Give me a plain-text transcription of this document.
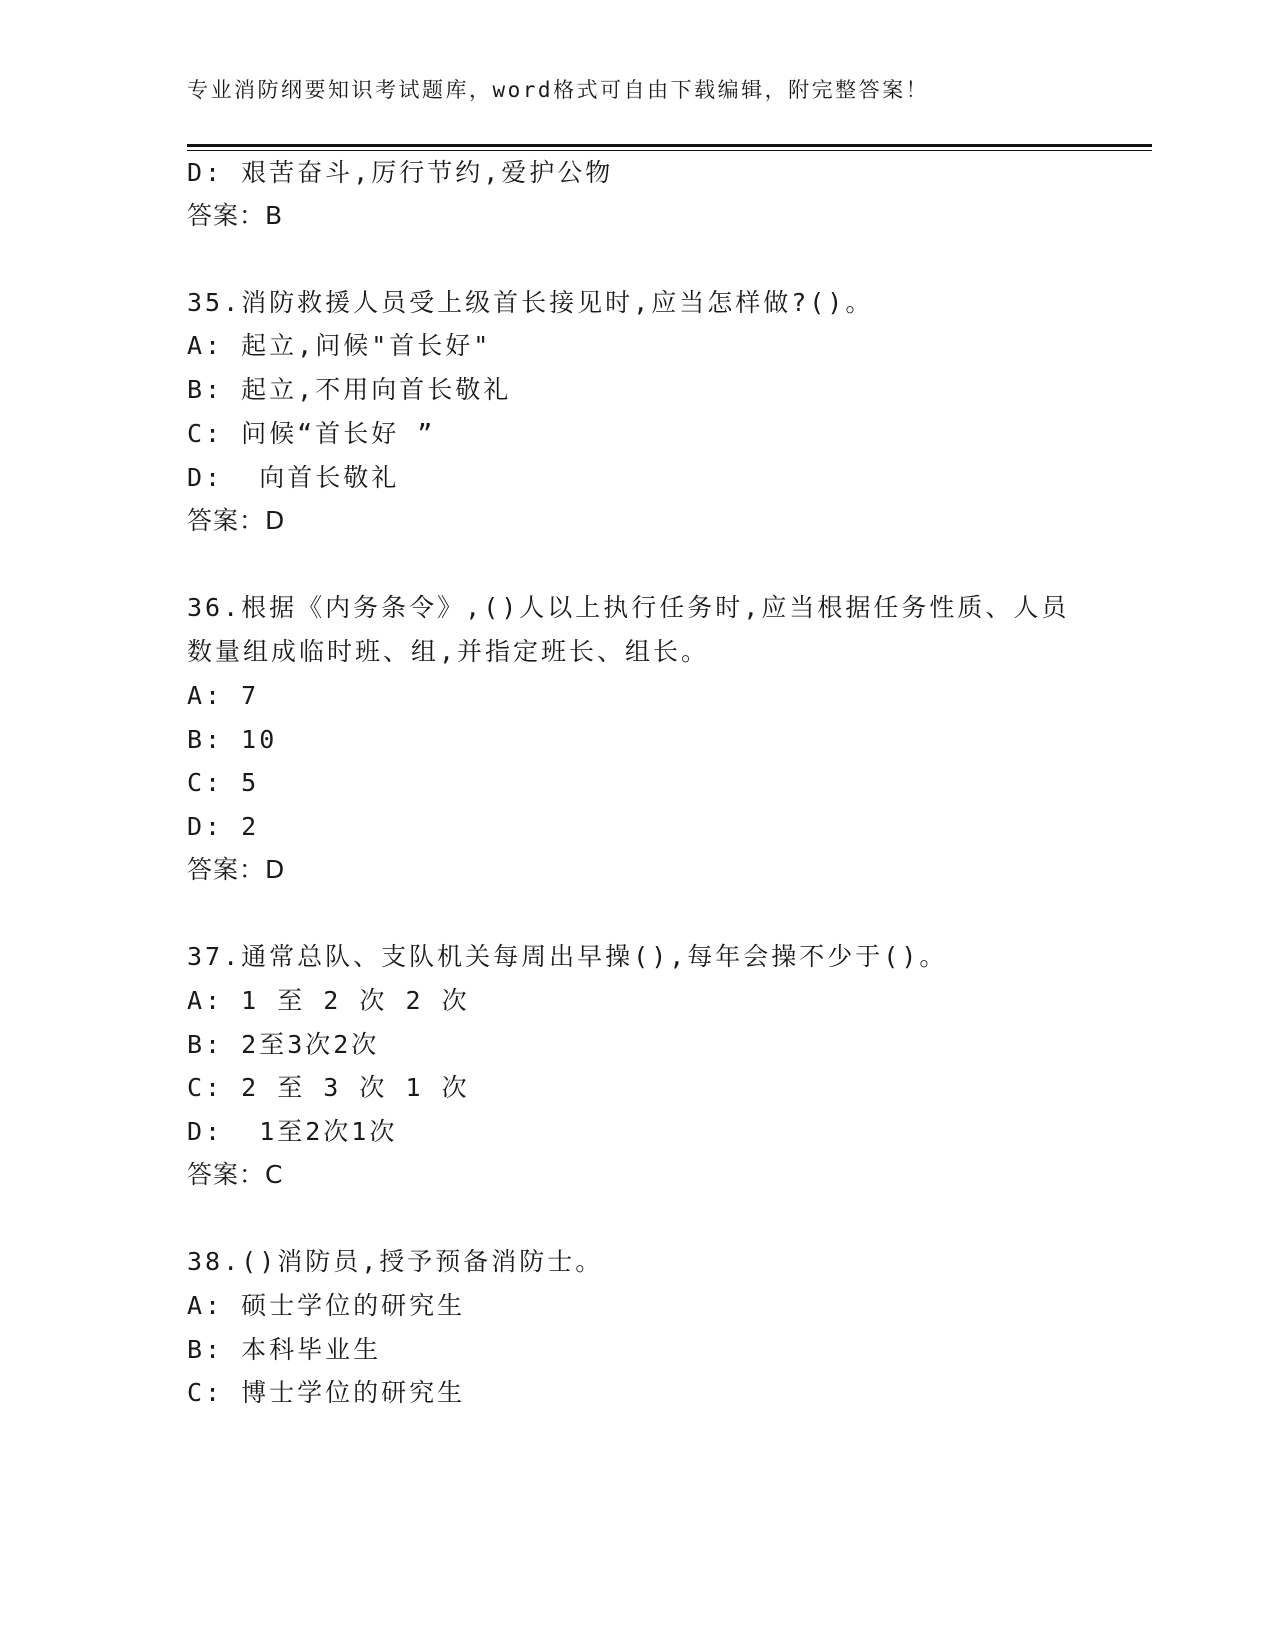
专业消防纲要知识考试题库，word格式可自由下载编辑，附完整答案！
D: 艰苦奋斗,厉行节约,爱护公物
答案：B
35.消防救援人员受上级首长接见时,应当怎样做?()。
A: 起立,问候"首长好"
B: 起立,不用向首长敬礼
C: 问候“首长好 ”
D:  向首长敬礼
答案：D
36.根据《内务条令》,()人以上执行任务时,应当根据任务性质、人员
数量组成临时班、组,并指定班长、组长。
A: 7
B: 10
C: 5
D: 2
答案：D
37.通常总队、支队机关每周出早操(),每年会操不少于()。
A: 1 至 2 次 2 次
B: 2至3次2次
C: 2 至 3 次 1 次
D:  1至2次1次
答案：C
38.()消防员,授予预备消防士。
A: 硕士学位的研究生
B: 本科毕业生
C: 博士学位的研究生
